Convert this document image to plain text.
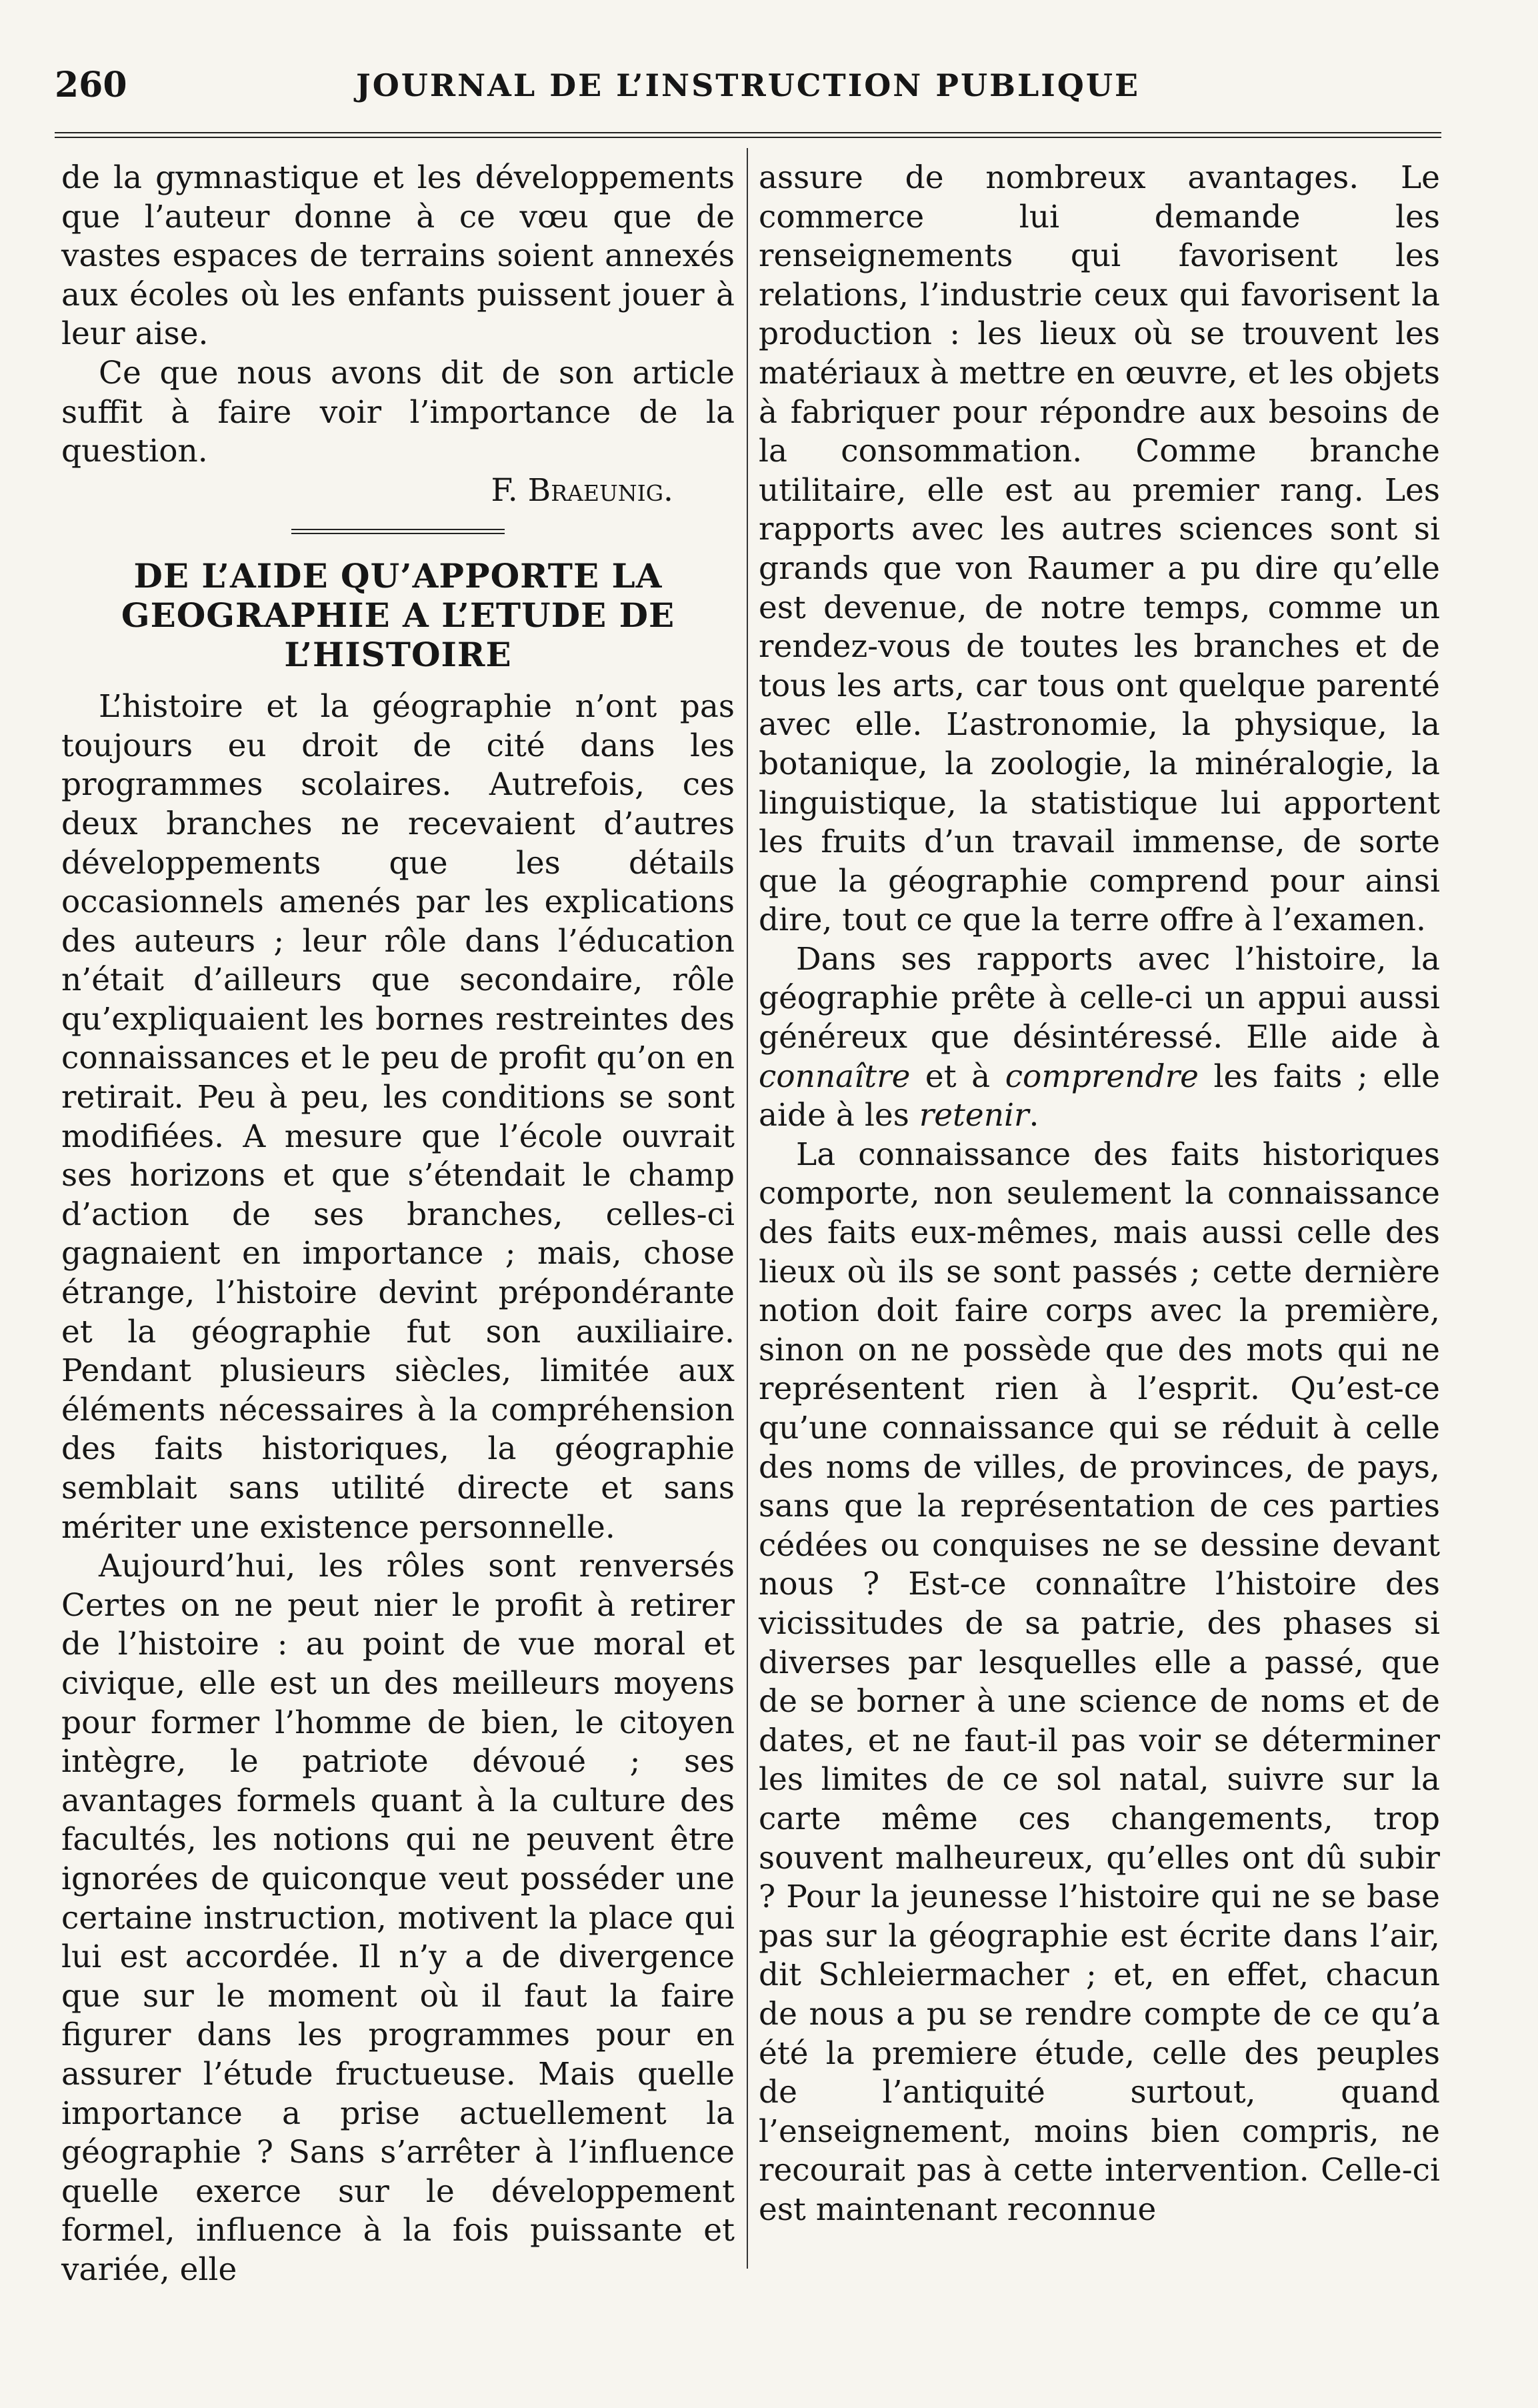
260	JOURNAL DE L’INSTRUCTION PUBLIQUE

de la gymnastique et les développements que l’auteur donne à ce vœu que de vastes espaces de terrains soient annexés aux écoles où les enfants puissent jouer à leur aise.

Ce que nous avons dit de son article suffit à faire voir l’importance de la question.

F. Braeunig.

DE L’AIDE QU’APPORTE LA GEOGRAPHIE A L’ETUDE DE L’HISTOIRE

L’histoire et la géographie n’ont pas toujours eu droit de cité dans les programmes scolaires. Autrefois, ces deux branches ne recevaient d’autres développements que les détails occasionnels amenés par les explications des auteurs ; leur rôle dans l’éducation n’était d’ailleurs que secondaire, rôle qu’expliquaient les bornes restreintes des connaissances et le peu de profit qu’on en retirait. Peu à peu, les conditions se sont modifiées. A mesure que l’école ouvrait ses horizons et que s’étendait le champ d’action de ses branches, celles-ci gagnaient en importance ; mais, chose étrange, l’histoire devint prépondérante et la géographie fut son auxiliaire. Pendant plusieurs siècles, limitée aux éléments nécessaires à la compréhension des faits historiques, la géographie semblait sans utilité directe et sans mériter une existence personnelle.

Aujourd’hui, les rôles sont renversés Certes on ne peut nier le profit à retirer de l’histoire : au point de vue moral et civique, elle est un des meilleurs moyens pour former l’homme de bien, le citoyen intègre, le patriote dévoué ; ses avantages formels quant à la culture des facultés, les notions qui ne peuvent être ignorées de quiconque veut posséder une certaine instruction, motivent la place qui lui est accordée. Il n’y a de divergence que sur le moment où il faut la faire figurer dans les programmes pour en assurer l’étude fructueuse. Mais quelle importance a prise actuellement la géographie ? Sans s’arrêter à l’influence quelle exerce sur le développement formel, influence à la fois puissante et variée, elle

assure de nombreux avantages. Le commerce lui demande les renseignements qui favorisent les relations, l’industrie ceux qui favorisent la production : les lieux où se trouvent les matériaux à mettre en œuvre, et les objets à fabriquer pour répondre aux besoins de la consommation. Comme branche utilitaire, elle est au premier rang. Les rapports avec les autres sciences sont si grands que von Raumer a pu dire qu’elle est devenue, de notre temps, comme un rendez-vous de toutes les branches et de tous les arts, car tous ont quelque parenté avec elle. L’astronomie, la physique, la botanique, la zoologie, la minéralogie, la linguistique, la statistique lui apportent les fruits d’un travail immense, de sorte que la géographie comprend pour ainsi dire, tout ce que la terre offre à l’examen.

Dans ses rapports avec l’histoire, la géographie prête à celle-ci un appui aussi généreux que désintéressé. Elle aide à connaître et à comprendre les faits ; elle aide à les retenir.

La connaissance des faits historiques comporte, non seulement la connaissance des faits eux-mêmes, mais aussi celle des lieux où ils se sont passés ; cette dernière notion doit faire corps avec la première, sinon on ne possède que des mots qui ne représentent rien à l’esprit. Qu’est-ce qu’une connaissance qui se réduit à celle des noms de villes, de provinces, de pays, sans que la représentation de ces parties cédées ou conquises ne se dessine devant nous ? Est-ce connaître l’histoire des vicissitudes de sa patrie, des phases si diverses par lesquelles elle a passé, que de se borner à une science de noms et de dates, et ne faut-il pas voir se déterminer les limites de ce sol natal, suivre sur la carte même ces changements, trop souvent malheureux, qu’elles ont dû subir ? Pour la jeunesse l’histoire qui ne se base pas sur la géographie est écrite dans l’air, dit Schleiermacher ; et, en effet, chacun de nous a pu se rendre compte de ce qu’a été la premiere étude, celle des peuples de l’antiquité surtout, quand l’enseignement, moins bien compris, ne recourait pas à cette intervention. Celle-ci est maintenant reconnue
